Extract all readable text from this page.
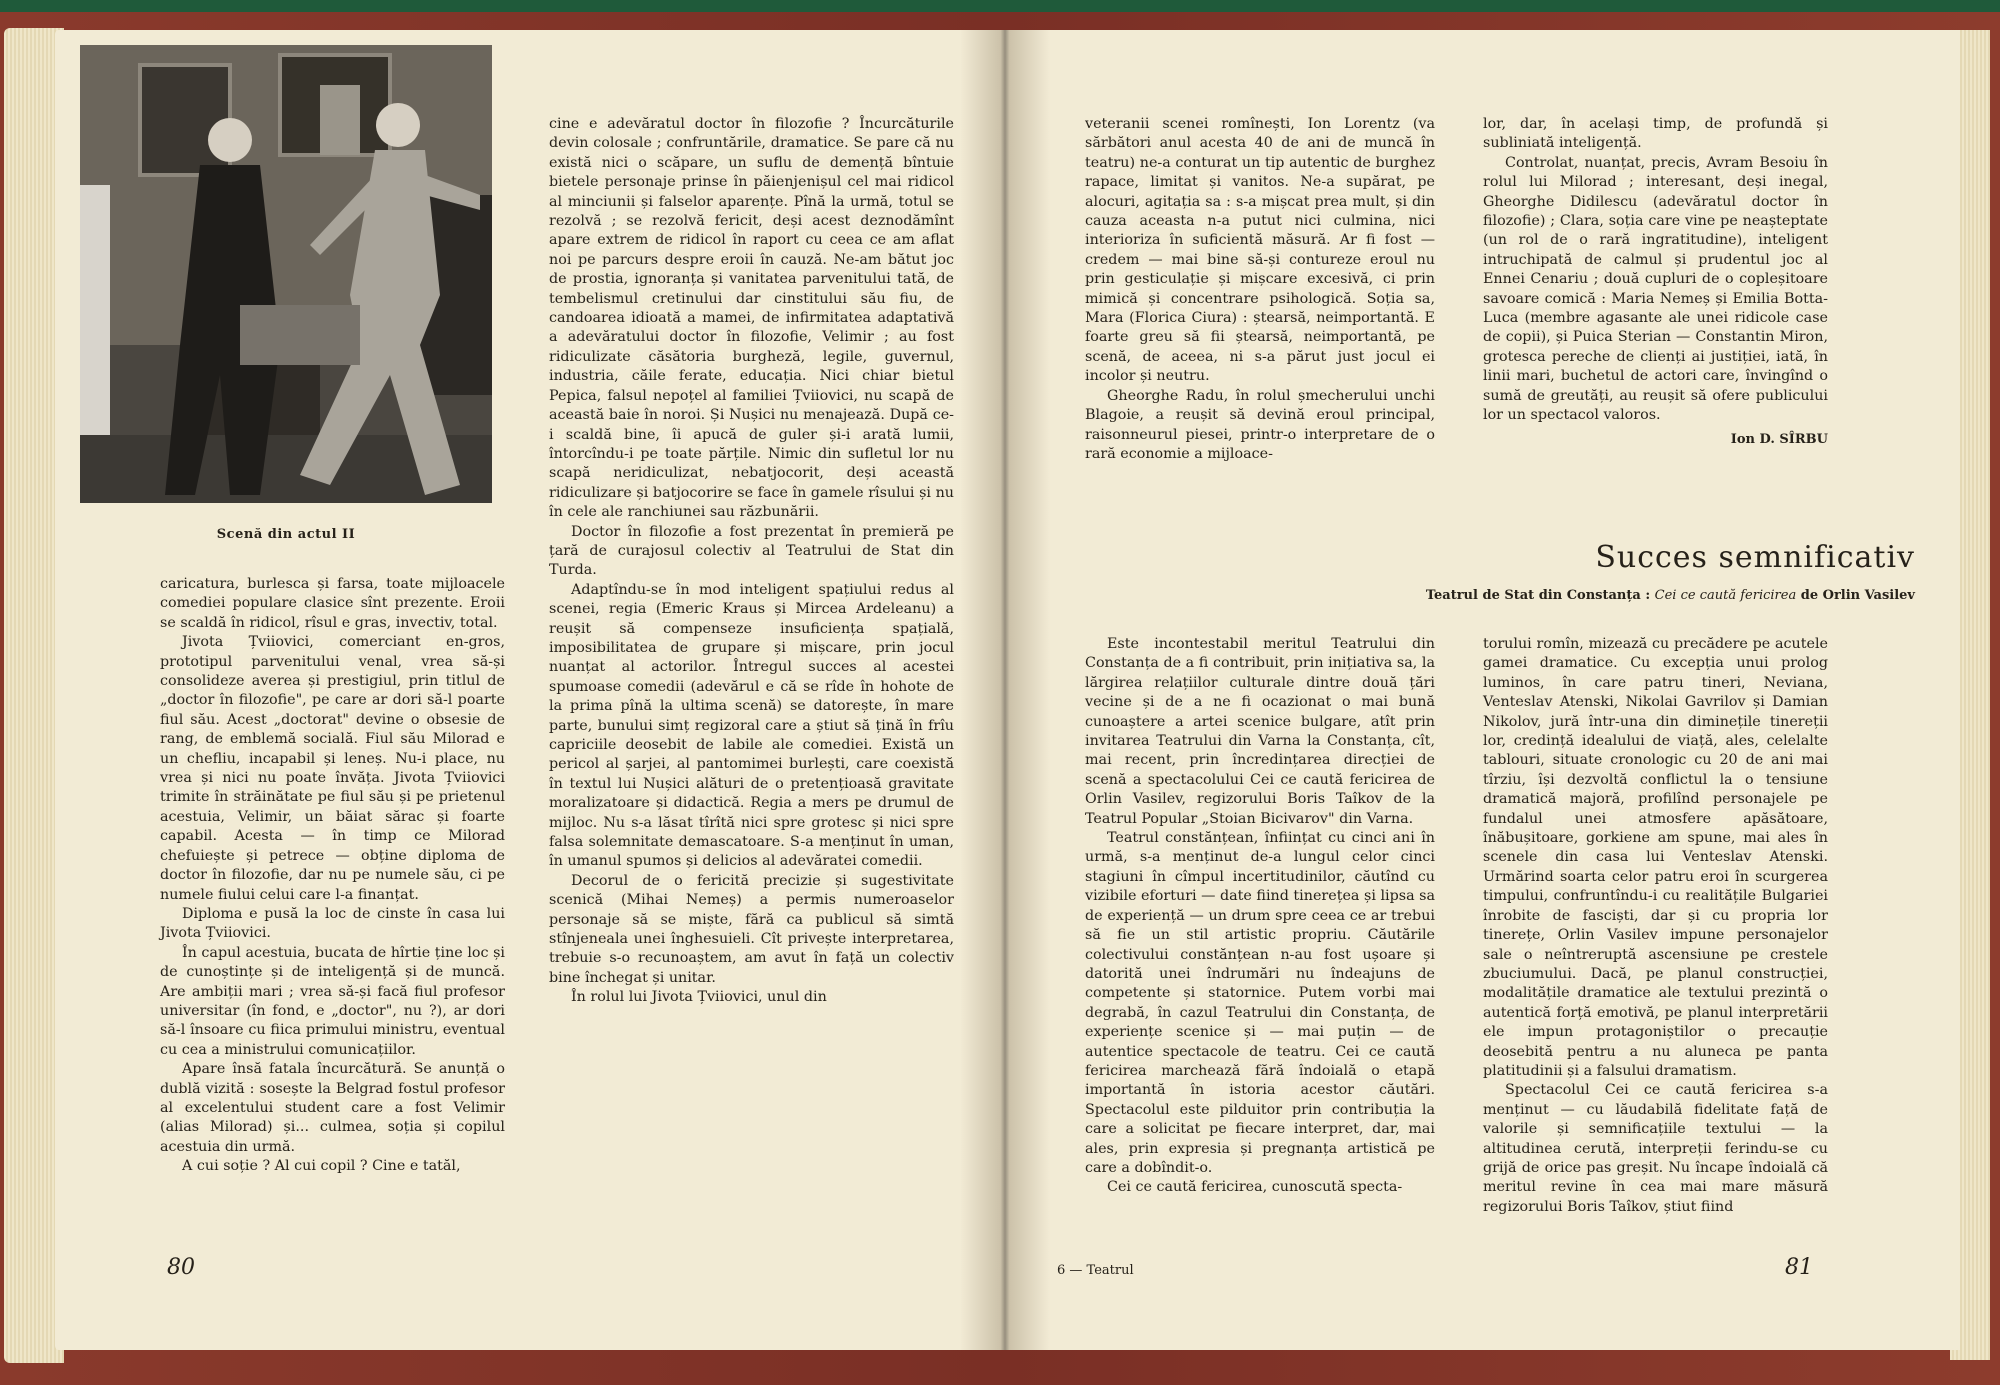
Scenă din actul II

caricatura, burlesca și farsa, toate mijloacele comediei populare clasice sînt prezente. Eroii se scaldă în ridicol, rîsul e gras, invectiv, total.

Jivota Țviiovici, comerciant en-gros, prototipul parvenitului venal, vrea să-și consolideze averea și prestigiul, prin titlul de „doctor în filozofie", pe care ar dori să-l poarte fiul său. Acest „doctorat" devine o obsesie de rang, de emblemă socială. Fiul său Milorad e un chefliu, incapabil și leneș. Nu-i place, nu vrea și nici nu poate învăța. Jivota Țviiovici trimite în străinătate pe fiul său și pe prietenul acestuia, Velimir, un băiat sărac și foarte capabil. Acesta — în timp ce Milorad chefuiește și petrece — obține diploma de doctor în filozofie, dar nu pe numele său, ci pe numele fiului celui care l-a finanțat.

Diploma e pusă la loc de cinste în casa lui Jivota Țviiovici.

În capul acestuia, bucata de hîrtie ține loc și de cunoștințe și de inteligență și de muncă. Are ambiții mari ; vrea să-și facă fiul profesor universitar (în fond, e „doctor", nu ?), ar dori să-l însoare cu fiica primului ministru, eventual cu cea a ministrului comunicațiilor.

Apare însă fatala încurcătură. Se anunță o dublă vizită : sosește la Belgrad fostul profesor al excelentului student care a fost Velimir (alias Milorad) și... culmea, soția și copilul acestuia din urmă.

A cui soție ? Al cui copil ? Cine e tatăl,

cine e adevăratul doctor în filozofie ? Încurcăturile devin colosale ; confruntările, dramatice. Se pare că nu există nici o scăpare, un suflu de demență bîntuie bietele personaje prinse în păienjenișul cel mai ridicol al minciunii și falselor aparențe. Pînă la urmă, totul se rezolvă ; se rezolvă fericit, deși acest deznodămînt apare extrem de ridicol în raport cu ceea ce am aflat noi pe parcurs despre eroii în cauză. Ne-am bătut joc de prostia, ignoranța și vanitatea parvenitului tată, de tembelismul cretinului dar cinstitului său fiu, de candoarea idioată a mamei, de infirmitatea adaptativă a adevăratului doctor în filozofie, Velimir ; au fost ridiculizate căsătoria burgheză, legile, guvernul, industria, căile ferate, educația. Nici chiar bietul Pepica, falsul nepoțel al familiei Țviiovici, nu scapă de această baie în noroi. Și Nușici nu menajează. După ce-i scaldă bine, îi apucă de guler și-i arată lumii, întorcîndu-i pe toate părțile. Nimic din sufletul lor nu scapă neridiculizat, nebatjocorit, deși această ridiculizare și batjocorire se face în gamele rîsului și nu în cele ale ranchiunei sau răzbunării.

Doctor în filozofie a fost prezentat în premieră pe țară de curajosul colectiv al Teatrului de Stat din Turda.

Adaptîndu-se în mod inteligent spațiului redus al scenei, regia (Emeric Kraus și Mircea Ardeleanu) a reușit să compenseze insuficiența spațială, imposibilitatea de grupare și mișcare, prin jocul nuanțat al actorilor. Întregul succes al acestei spumoase comedii (adevărul e că se rîde în hohote de la prima pînă la ultima scenă) se datorește, în mare parte, bunului simț regizoral care a știut să țină în frîu capriciile deosebit de labile ale comediei. Există un pericol al șarjei, al pantomimei burlești, care coexistă în textul lui Nușici alături de o pretențioasă gravitate moralizatoare și didactică. Regia a mers pe drumul de mijloc. Nu s-a lăsat tîrîtă nici spre grotesc și nici spre falsa solemnitate demascatoare. S-a menținut în uman, în umanul spumos și delicios al adevăratei comedii.

Decorul de o fericită precizie și sugestivitate scenică (Mihai Nemeș) a permis numeroaselor personaje să se miște, fără ca publicul să simtă stînjeneala unei înghesuieli. Cît privește interpretarea, trebuie s-o recunoaștem, am avut în față un colectiv bine închegat și unitar.

În rolul lui Jivota Țviiovici, unul din

80

veteranii scenei romînești, Ion Lorentz (va sărbători anul acesta 40 de ani de muncă în teatru) ne-a conturat un tip autentic de burghez rapace, limitat și vanitos. Ne-a supărat, pe alocuri, agitația sa : s-a mișcat prea mult, și din cauza aceasta n-a putut nici culmina, nici interioriza în suficientă măsură. Ar fi fost — credem — mai bine să-și contureze eroul nu prin gesticulație și mișcare excesivă, ci prin mimică și concentrare psihologică. Soția sa, Mara (Florica Ciura) : ștearsă, neimportantă. E foarte greu să fii ștearsă, neimportantă, pe scenă, de aceea, ni s-a părut just jocul ei incolor și neutru.

Gheorghe Radu, în rolul șmecherului unchi Blagoie, a reușit să devină eroul principal, raisonneurul piesei, printr-o interpretare de o rară economie a mijloace-

lor, dar, în același timp, de profundă și subliniată inteligență.

Controlat, nuanțat, precis, Avram Besoiu în rolul lui Milorad ; interesant, deși inegal, Gheorghe Didilescu (adevăratul doctor în filozofie) ; Clara, soția care vine pe neașteptate (un rol de o rară ingratitudine), inteligent intruchipată de calmul și prudentul joc al Ennei Cenariu ; două cupluri de o copleșitoare savoare comică : Maria Nemeș și Emilia Botta-Luca (membre agasante ale unei ridicole case de copii), și Puica Sterian — Constantin Miron, grotesca pereche de clienți ai justiției, iată, în linii mari, buchetul de actori care, învingînd o sumă de greutăți, au reușit să ofere publicului lor un spectacol valoros.

Ion D. SÎRBU

Succes semnificativ
Teatrul de Stat din Constanța : Cei ce caută fericirea de Orlin Vasilev

Este incontestabil meritul Teatrului din Constanța de a fi contribuit, prin inițiativa sa, la lărgirea relațiilor culturale dintre două țări vecine și de a ne fi ocazionat o mai bună cunoaștere a artei scenice bulgare, atît prin invitarea Teatrului din Varna la Constanța, cît, mai recent, prin încredințarea direcției de scenă a spectacolului Cei ce caută fericirea de Orlin Vasilev, regizorului Boris Taîkov de la Teatrul Popular „Stoian Bicivarov" din Varna.

Teatrul constănțean, înființat cu cinci ani în urmă, s-a menținut de-a lungul celor cinci stagiuni în cîmpul incertitudinilor, căutînd cu vizibile eforturi — date fiind tinerețea și lipsa sa de experiență — un drum spre ceea ce ar trebui să fie un stil artistic propriu. Căutările colectivului constănțean n-au fost ușoare și datorită unei îndrumări nu îndeajuns de competente și statornice. Putem vorbi mai degrabă, în cazul Teatrului din Constanța, de experiențe scenice și — mai puțin — de autentice spectacole de teatru. Cei ce caută fericirea marchează fără îndoială o etapă importantă în istoria acestor căutări. Spectacolul este pilduitor prin contribuția la care a solicitat pe fiecare interpret, dar, mai ales, prin expresia și pregnanța artistică pe care a dobîndit-o.

Cei ce caută fericirea, cunoscută specta-

torului romîn, mizează cu precădere pe acutele gamei dramatice. Cu excepția unui prolog luminos, în care patru tineri, Neviana, Venteslav Atenski, Nikolai Gavrilov și Damian Nikolov, jură într-una din diminețile tinereții lor, credință idealului de viață, ales, celelalte tablouri, situate cronologic cu 20 de ani mai tîrziu, își dezvoltă conflictul la o tensiune dramatică majoră, profilînd personajele pe fundalul unei atmosfere apăsătoare, înăbușitoare, gorkiene am spune, mai ales în scenele din casa lui Venteslav Atenski. Urmărind soarta celor patru eroi în scurgerea timpului, confruntîndu-i cu realitățile Bulgariei înrobite de fasciști, dar și cu propria lor tinerețe, Orlin Vasilev impune personajelor sale o neîntreruptă ascensiune pe crestele zbuciumului. Dacă, pe planul construcției, modalitățile dramatice ale textului prezintă o autentică forță emotivă, pe planul interpretării ele impun protagoniștilor o precauție deosebită pentru a nu aluneca pe panta platitudinii și a falsului dramatism.

Spectacolul Cei ce caută fericirea s-a menținut — cu lăudabilă fidelitate față de valorile și semnificațiile textului — la altitudinea cerută, interpreții ferindu-se cu grijă de orice pas greșit. Nu încape îndoială că meritul revine în cea mai mare măsură regizorului Boris Taîkov, știut fiind

6 — Teatrul	81
